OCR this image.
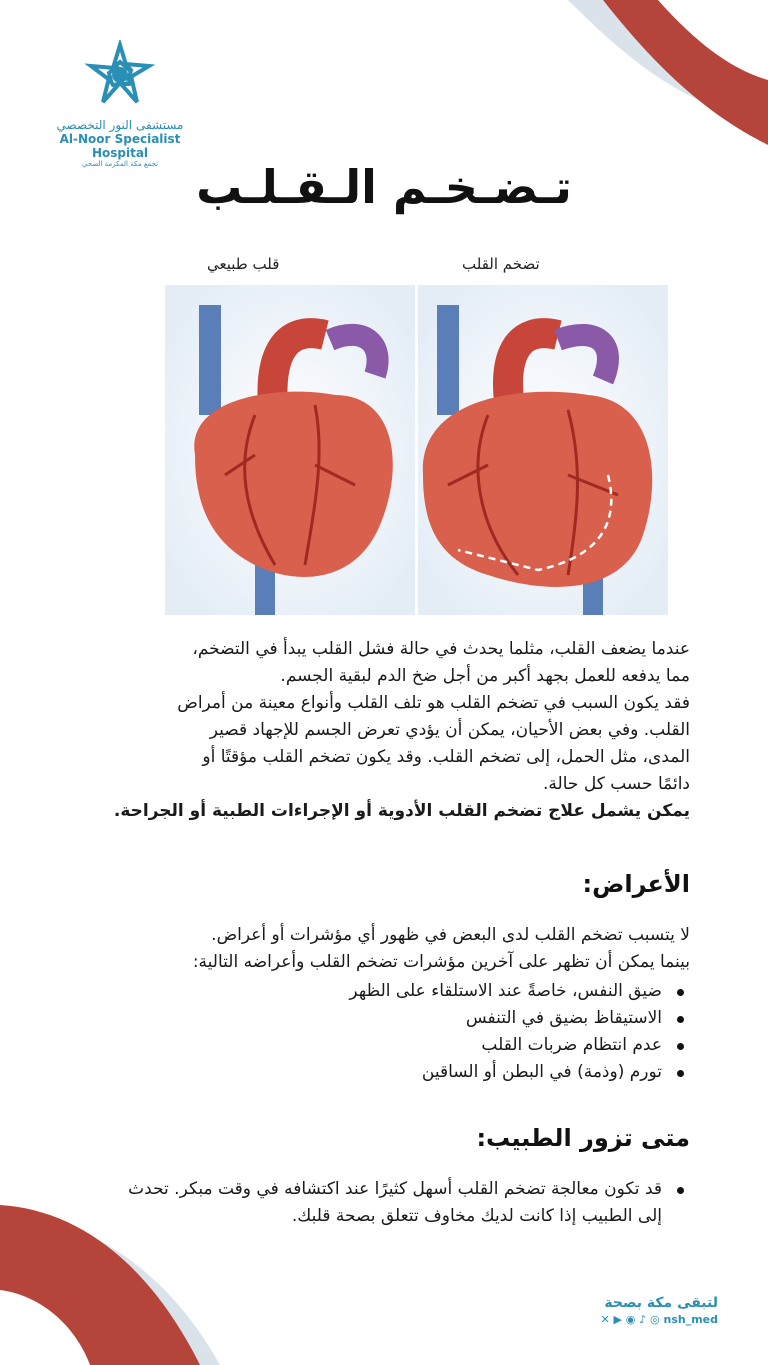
مستشفى النور التخصصي
Al-Noor Specialist Hospital
تجمع مكة المكرمة الصحي تـضـخـم الـقـلـب
قلب طبيعي	تضخم القلب

عندما يضعف القلب، مثلما يحدث في حالة فشل القلب يبدأ في التضخم،

مما يدفعه للعمل بجهد أكبر من أجل ضخ الدم لبقية الجسم.

فقد يكون السبب في تضخم القلب هو تلف القلب وأنواع معينة من أمراض

القلب. وفي بعض الأحيان، يمكن أن يؤدي تعرض الجسم للإجهاد قصير

المدى، مثل الحمل، إلى تضخم القلب. وقد يكون تضخم القلب مؤقتًا أو

دائمًا حسب كل حالة.

يمكن يشمل علاج تضخم القلب الأدوية أو الإجراءات الطبية أو الجراحة.

الأعراض:

لا يتسبب تضخم القلب لدى البعض في ظهور أي مؤشرات أو أعراض.

بينما يمكن أن تظهر على آخرين مؤشرات تضخم القلب وأعراضه التالية:

ضيق النفس، خاصةً عند الاستلقاء على الظهر
الاستيقاظ بضيق في التنفس
عدم انتظام ضربات القلب
تورم (وذمة) في البطن أو الساقين
متى تزور الطبيب:
قد تكون معالجة تضخم القلب أسهل كثيرًا عند اكتشافه في وقت مبكر. تحدث إلى الطبيب إذا كانت لديك مخاوف تتعلق بصحة قلبك.
لتبقى مكة بصحة
✕ ▶ ◉ ♪ ◎ nsh_med
